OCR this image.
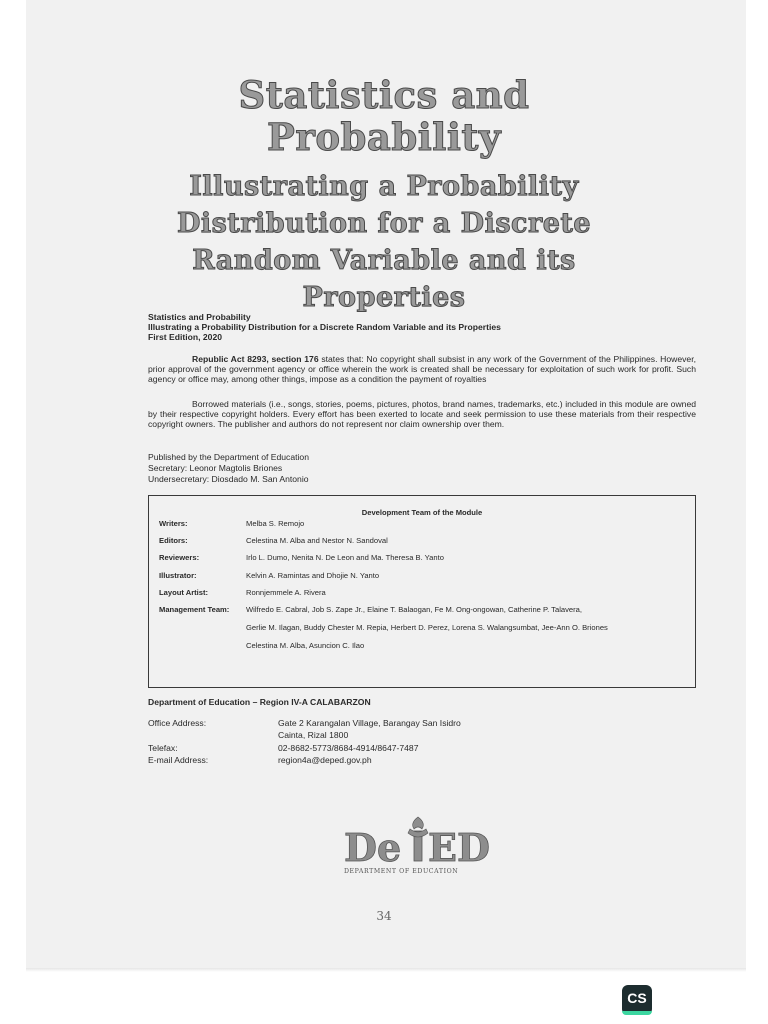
Statistics and

Probability

Illustrating a Probability

Distribution for a Discrete

Random Variable and its

Properties

Statistics and Probability
Illustrating a Probability Distribution for a Discrete Random Variable and its Properties
First Edition, 2020
Republic Act 8293, section 176 states that: No copyright shall subsist in any work of the Government of the Philippines. However, prior approval of the government agency or office wherein the work is created shall be necessary for exploitation of such work for profit. Such agency or office may, among other things, impose as a condition the payment of royalties
Borrowed materials (i.e., songs, stories, poems, pictures, photos, brand names, trademarks, etc.) included in this module are owned by their respective copyright holders. Every effort has been exerted to locate and seek permission to use these materials from their respective copyright owners. The publisher and authors do not represent nor claim ownership over them.
Published by the Department of Education
Secretary: Leonor Magtolis Briones
Undersecretary: Diosdado M. San Antonio
Development Team of the Module
Writers:	Melba S. Remojo
Editors:	Celestina M. Alba and Nestor N. Sandoval
Reviewers:	Irlo L. Dumo, Nenita N. De Leon and Ma. Theresa B. Yanto
Illustrator:	Kelvin A. Ramintas and Dhojie N. Yanto
Layout Artist:	Ronnjemmele A. Rivera
Management Team: Wilfredo E. Cabral, Job S. Zape Jr., Elaine T. Balaogan, Fe M. Ong-ongowan, Catherine P. Talavera,
Gerlie M. Ilagan, Buddy Chester M. Repia, Herbert D. Perez, Lorena S. Walangsumbat, Jee-Ann O. Briones
Celestina M. Alba, Asuncion C. Ilao
Department of Education – Region IV-A CALABARZON
Office Address:	Gate 2 Karangalan Village, Barangay San Isidro
Cainta, Rizal 1800
Telefax:	02-8682-5773/8684-4914/8647-7487
E-mail Address:	region4a@deped.gov.ph
De ED
DEPARTMENT OF EDUCATION
34
CS
